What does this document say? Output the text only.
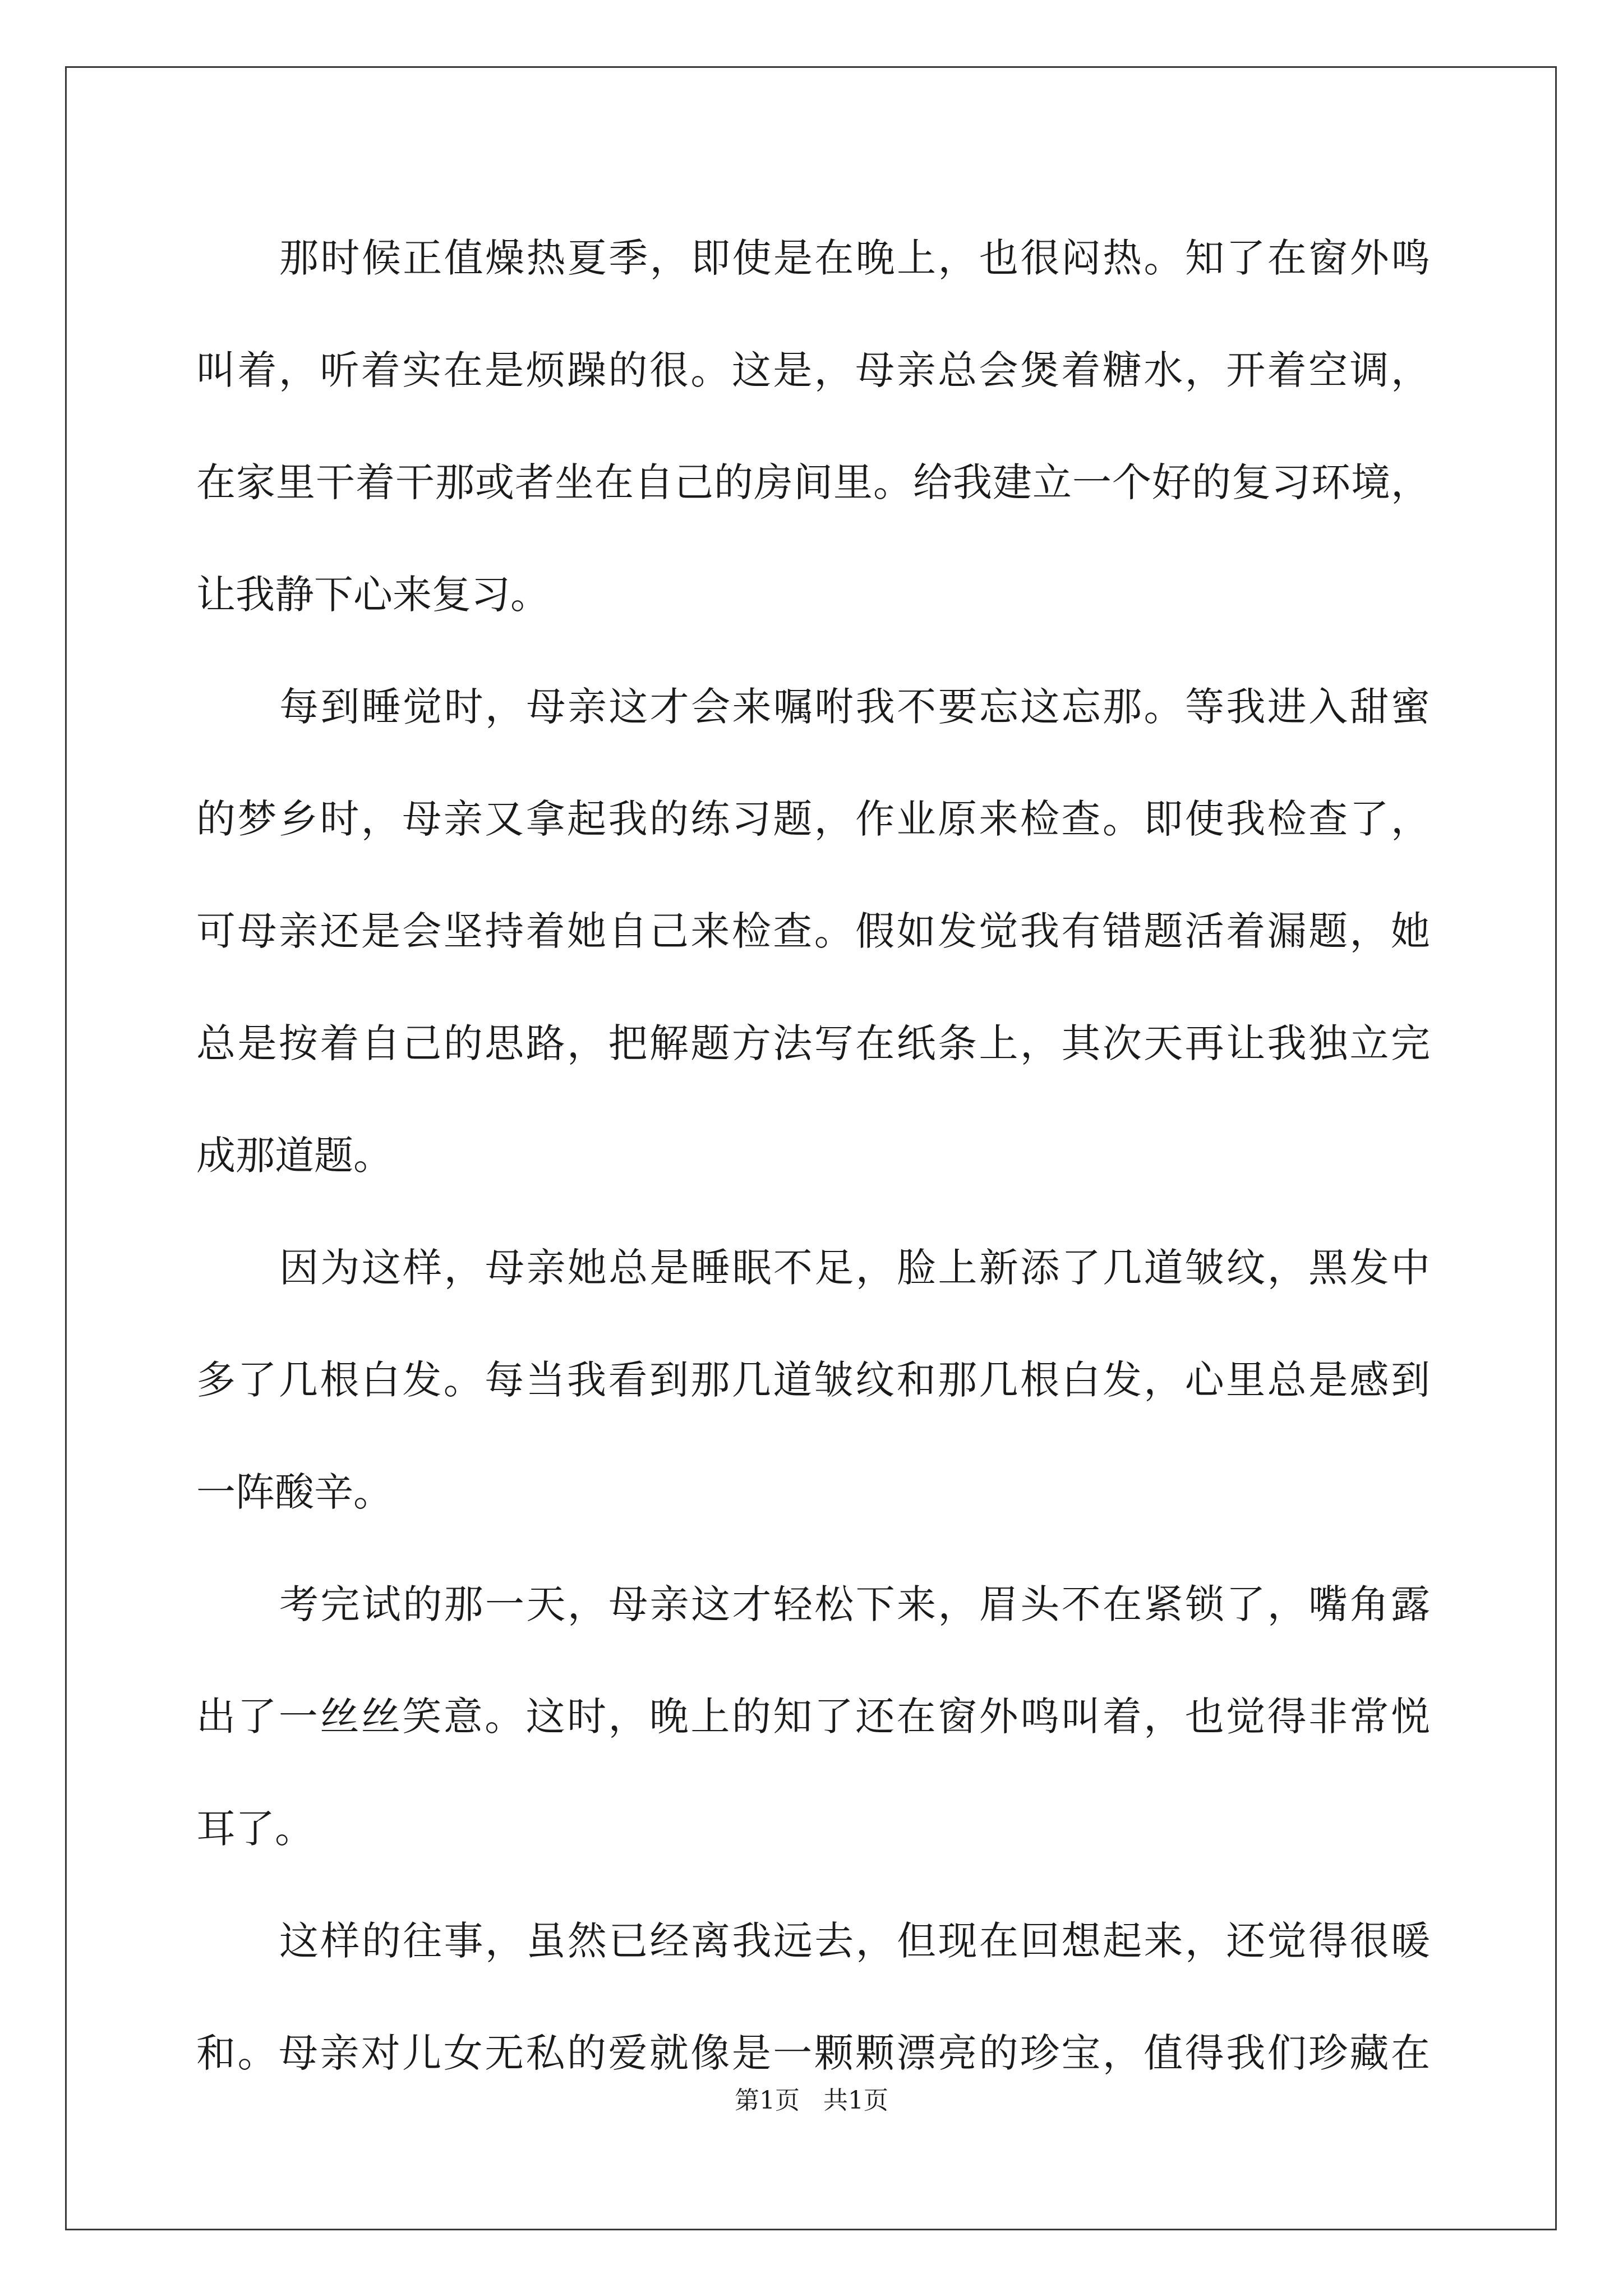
那时候正值燥热夏季，即使是在晚上，也很闷热。知了在窗外鸣
叫着，听着实在是烦躁的很。这是，母亲总会煲着糖水，开着空调，
在家里干着干那或者坐在自己的房间里。给我建立一个好的复习环境，
让我静下心来复习。
每到睡觉时，母亲这才会来嘱咐我不要忘这忘那。等我进入甜蜜
的梦乡时，母亲又拿起我的练习题，作业原来检查。即使我检查了，
可母亲还是会坚持着她自己来检查。假如发觉我有错题活着漏题，她
总是按着自己的思路，把解题方法写在纸条上，其次天再让我独立完
成那道题。
因为这样，母亲她总是睡眠不足，脸上新添了几道皱纹，黑发中
多了几根白发。每当我看到那几道皱纹和那几根白发，心里总是感到
一阵酸辛。
考完试的那一天，母亲这才轻松下来，眉头不在紧锁了，嘴角露
出了一丝丝笑意。这时，晚上的知了还在窗外鸣叫着，也觉得非常悦
耳了。
这样的往事，虽然已经离我远去，但现在回想起来，还觉得很暖
和。母亲对儿女无私的爱就像是一颗颗漂亮的珍宝，值得我们珍藏在
第1页 共1页
